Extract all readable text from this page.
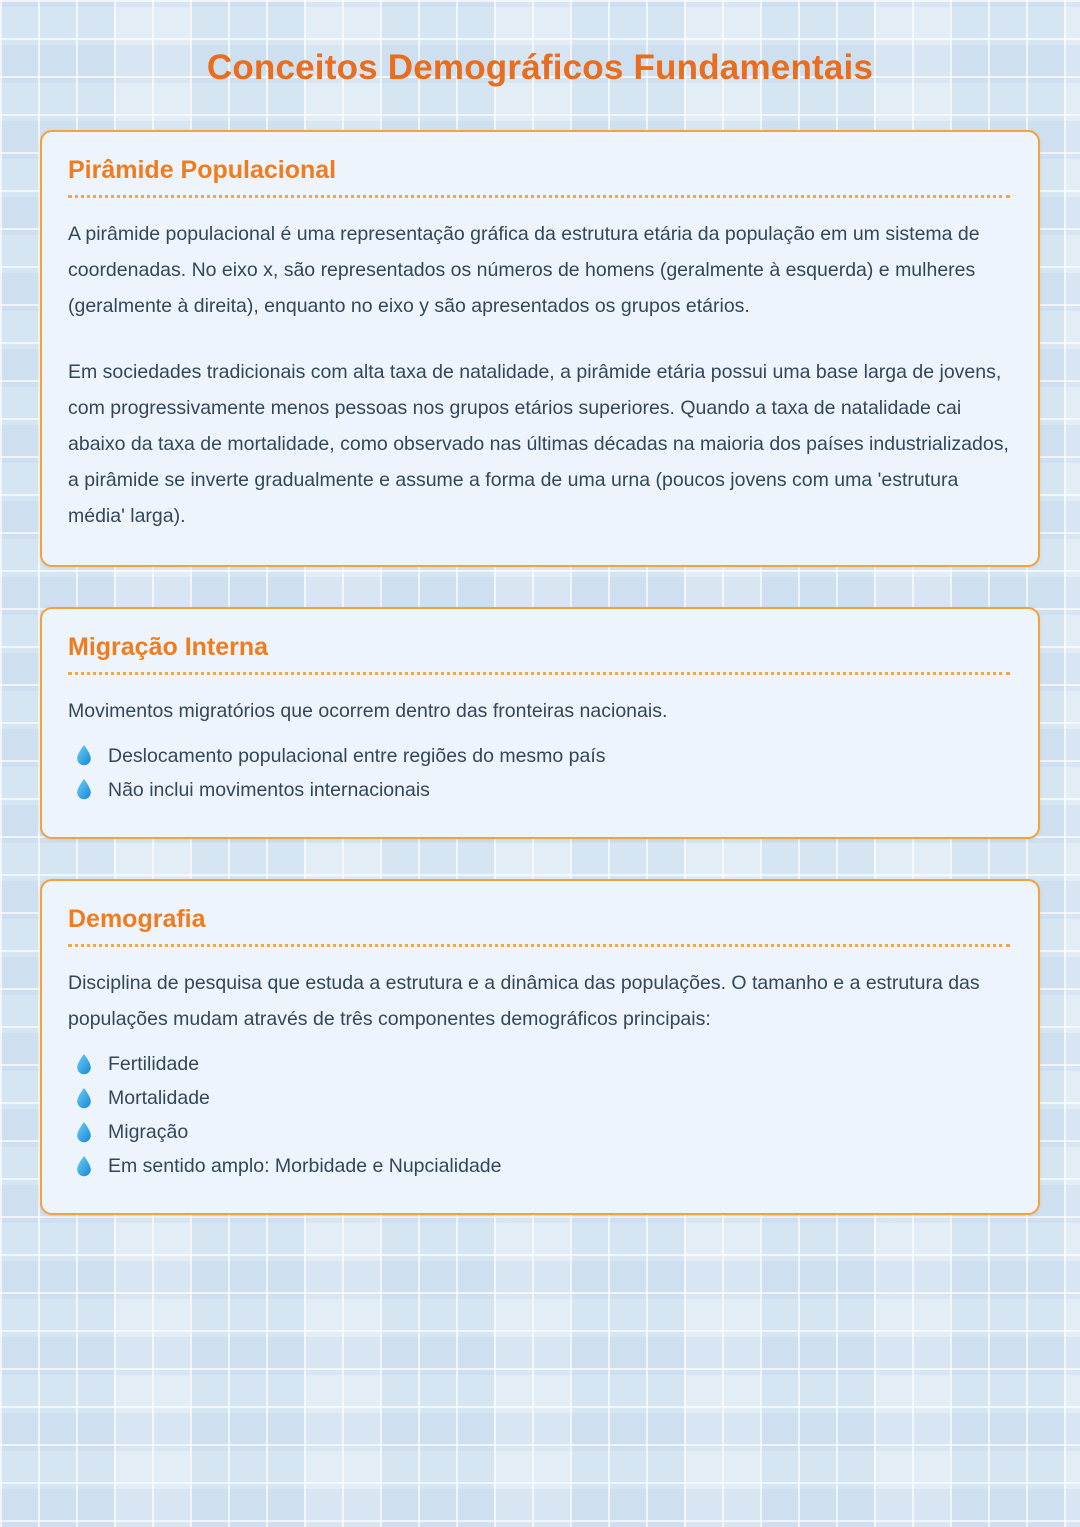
Conceitos Demográficos Fundamentais
Pirâmide Populacional

A pirâmide populacional é uma representação gráfica da estrutura etária da população em um sistema de coordenadas. No eixo x, são representados os números de homens (geralmente à esquerda) e mulheres (geralmente à direita), enquanto no eixo y são apresentados os grupos etários.

Em sociedades tradicionais com alta taxa de natalidade, a pirâmide etária possui uma base larga de jovens, com progressivamente menos pessoas nos grupos etários superiores. Quando a taxa de natalidade cai abaixo da taxa de mortalidade, como observado nas últimas décadas na maioria dos países industrializados, a pirâmide se inverte gradualmente e assume a forma de uma urna (poucos jovens com uma 'estrutura média' larga).

Migração Interna

Movimentos migratórios que ocorrem dentro das fronteiras nacionais.

Deslocamento populacional entre regiões do mesmo país
Não inclui movimentos internacionais
Demografia

Disciplina de pesquisa que estuda a estrutura e a dinâmica das populações. O tamanho e a estrutura das populações mudam através de três componentes demográficos principais:

Fertilidade
Mortalidade
Migração
Em sentido amplo: Morbidade e Nupcialidade
